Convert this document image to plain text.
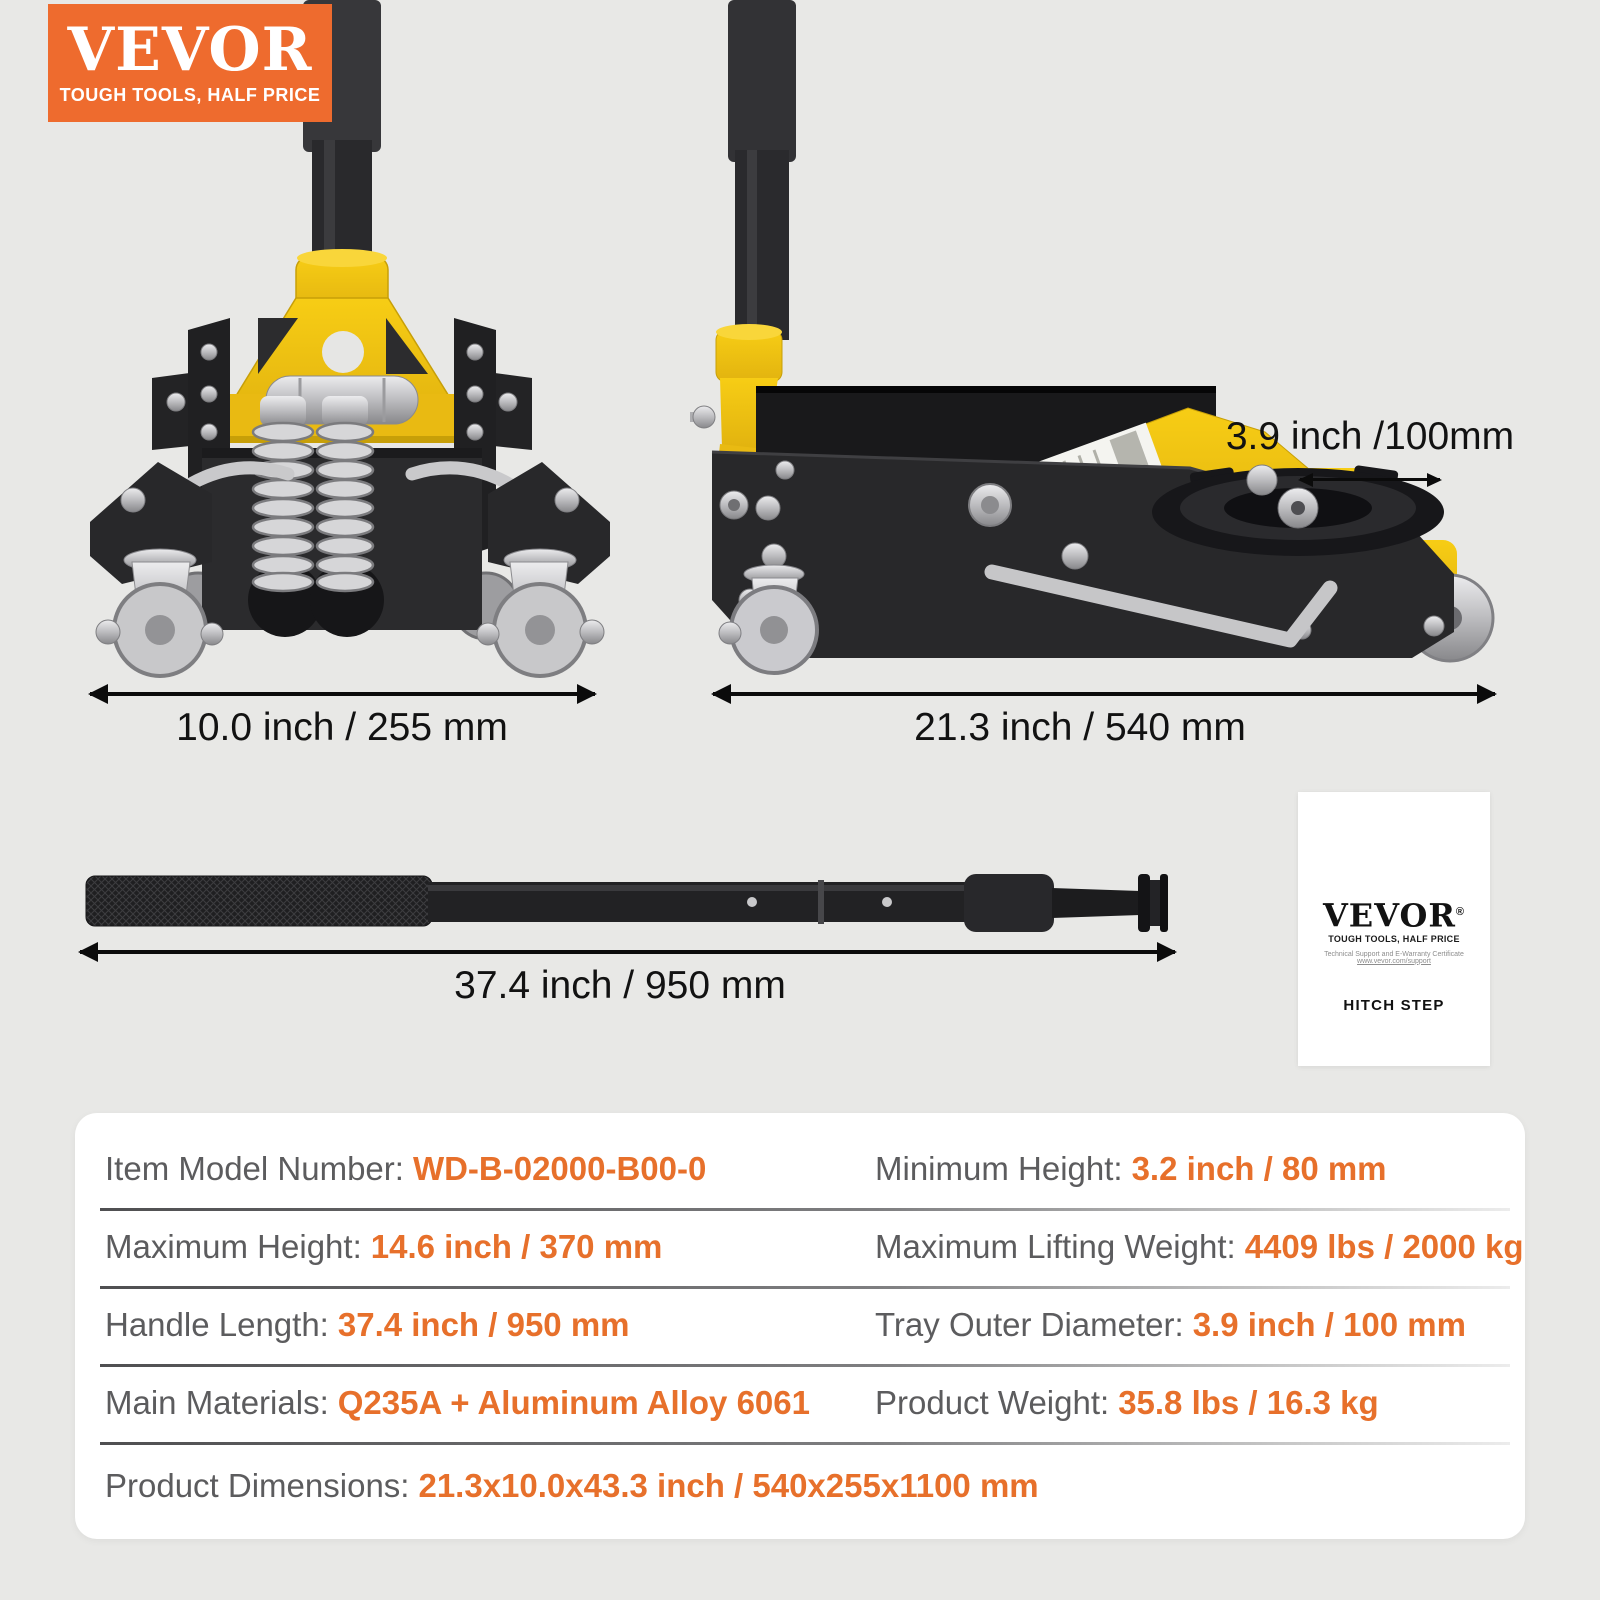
VEVOR
TOUGH TOOLS, HALF PRICE
3.9 inch /100mm
10.0 inch / 255 mm	21.3 inch / 540 mm
37.4 inch / 950 mm
VEVOR®
TOUGH TOOLS, HALF PRICE
Technical Support and E-Warranty Certificate www.vevor.com/support
HITCH STEP
Item Model Number: WD-B-02000-B00-0	Minimum Height: 3.2 inch / 80 mm
Maximum Height: 14.6 inch / 370 mm	Maximum Lifting Weight: 4409 lbs / 2000 kg
Handle Length: 37.4 inch / 950 mm	Tray Outer Diameter: 3.9 inch / 100 mm
Main Materials: Q235A + Aluminum Alloy 6061 Product Weight: 35.8 lbs / 16.3 kg
Product Dimensions: 21.3x10.0x43.3 inch / 540x255x1100 mm
